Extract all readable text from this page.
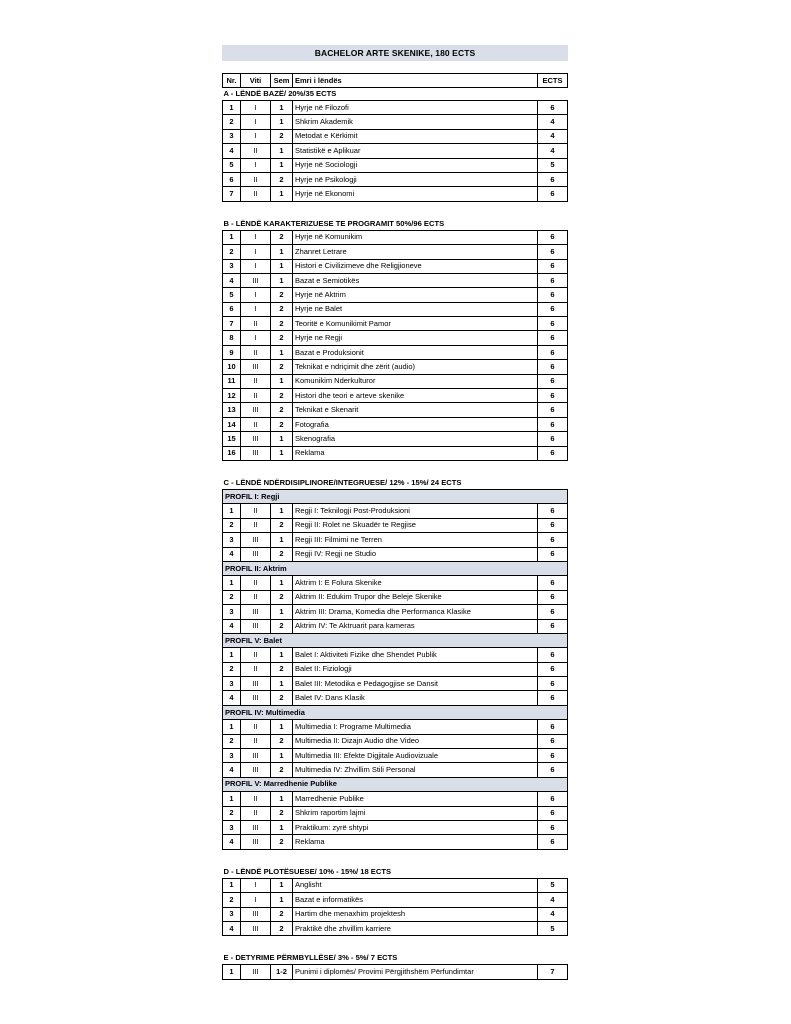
BACHELOR ARTE SKENIKE, 180 ECTS
Nr.	Viti	Sem	Emri i lëndës	ECTS
A - LËNDË BAZË/ 20%/35 ECTS				
1	I	1	Hyrje në Filozofi	6
2	I	1	Shkrim Akademik	4
3	I	2	Metodat e Kërkimit	4
4	II	1	Statistikë e Aplikuar	4
5	I	1	Hyrje në Sociologji	5
6	II	2	Hyrje në Psikologji	6
7	II	1	Hyrje në Ekonomi	6

B - LËNDË KARAKTERIZUESE TE PROGRAMIT 50%/96 ECTS				
1	I	2	Hyrje në Komunikim	6
2	I	1	Zhanret Letrare	6
3	I	1	Histori e Civilizimeve dhe Religjioneve	6
4	III	1	Bazat e Semiotikës	6
5	I	2	Hyrje në Aktrim	6
6	I	2	Hyrje ne Balet	6
7	II	2	Teoritë e Komunikimit Pamor	6
8	I	2	Hyrje ne Regji	6
9	II	1	Bazat e Produksionit	6
10	III	2	Teknikat e ndriçimit dhe zërit (audio)	6
11	II	1	Komunikim Nderkulturor	6
12	II	2	Histori dhe teori e arteve skenike	6
13	III	2	Teknikat e Skenarit	6
14	II	2	Fotografia	6
15	III	1	Skenografia	6
16	III	1	Reklama	6

C - LËNDË NDËRDISIPLINORE/INTEGRUESE/ 12% - 15%/ 24 ECTS				
PROFIL I: Regji				
1	II	1	Regji I: Teknilogji Post-Produksioni	6
2	II	2	Regji II: Rolet ne Skuadër te Regjise	6
3	III	1	Regji III: Filmimi ne Terren	6
4	III	2	Regji IV: Regji ne Studio	6
PROFIL II: Aktrim				
1	II	1	Aktrim I: E Folura Skenike	6
2	II	2	Aktrim II: Edukim Trupor dhe Beleje Skenike	6
3	III	1	Aktrim III: Drama, Komedia dhe Performanca Klasike	6
4	III	2	Aktrim IV: Te Aktruarit para kameras	6
PROFIL V: Balet				
1	II	1	Balet I: Aktiviteti Fizike dhe Shendet Publik	6
2	II	2	Balet II: Fiziologji	6
3	III	1	Balet III: Metodika e Pedagogjise se Dansit	6
4	III	2	Balet IV: Dans Klasik	6
PROFIL IV: Multimedia				
1	II	1	Multimedia I: Programe Multimedia	6
2	II	2	Multimedia II: Dizajn Audio dhe Video	6
3	III	1	Multimedia III: Efekte Digjitale Audiovizuale	6
4	III	2	Multimedia IV: Zhvillim Stili Personal	6
PROFIL V: Marredhenie Publike				
1	II	1	Marredhenie Publike	6
2	II	2	Shkrim raportim lajmi	6
3	III	1	Praktikum: zyrë shtypi	6
4	III	2	Reklama	6

D - LËNDË PLOTËSUESE/ 10% - 15%/ 18 ECTS				
1	I	1	Anglisht	5
2	I	1	Bazat e informatikës	4
3	III	2	Hartim dhe menaxhim projektesh	4
4	III	2	Praktikë dhe zhvillim karriere	5

E - DETYRIME PËRMBYLLËSE/ 3% - 5%/ 7 ECTS				
1	III	1-2	Punimi i diplomës/ Provimi Përgjithshëm Përfundimtar	7
